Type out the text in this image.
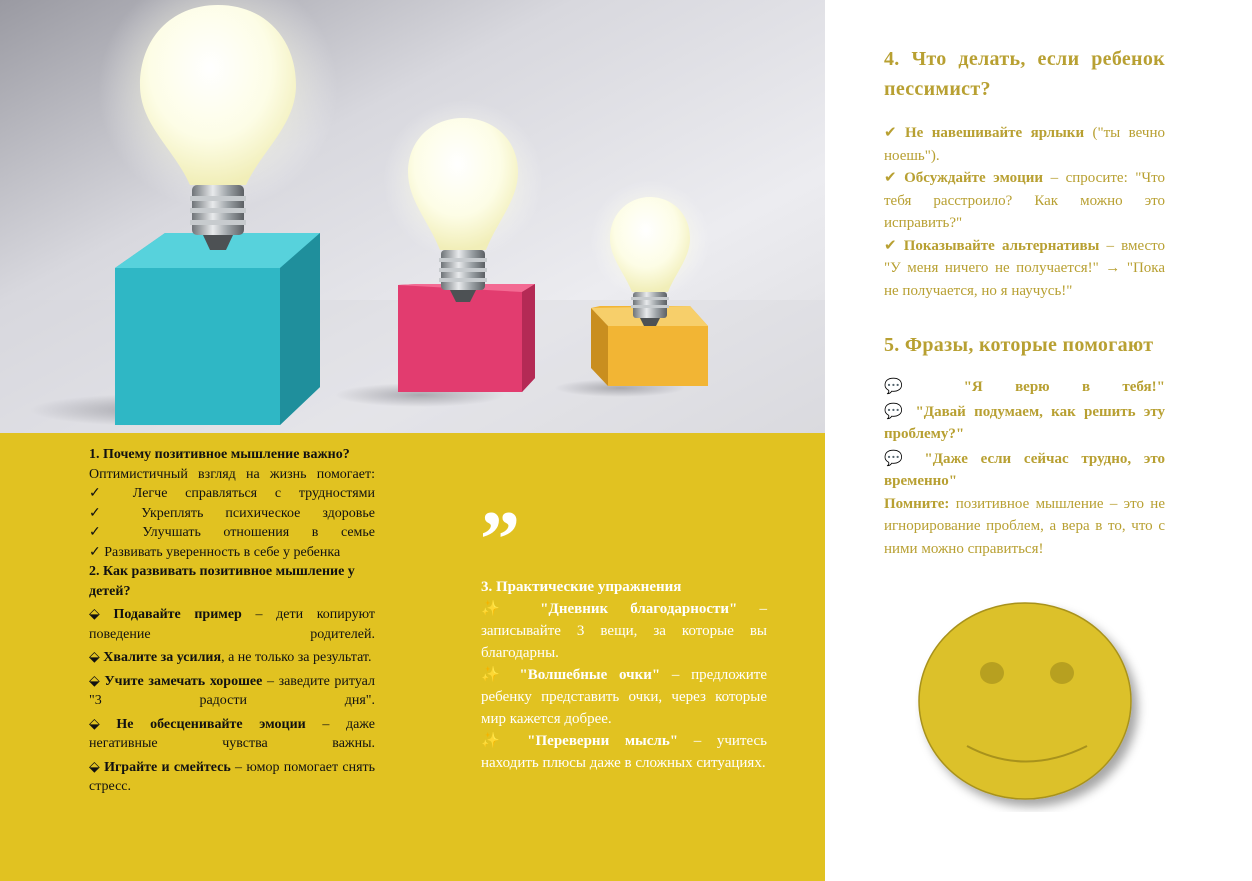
1. Почему позитивное мышление важно?

Оптимистичный взгляд на жизнь помогает:

✓ Легче справляться с трудностями

✓ Укреплять психическое здоровье

✓ Улучшать отношения в семье

✓ Развивать уверенность в себе у ребенка

2. Как развивать позитивное мышление у детей?

⬙ Подавайте пример – дети копируют поведение родителей.

⬙ Хвалите за усилия, а не только за результат.

⬙ Учите замечать хорошее – заведите ритуал "3 радости дня".

⬙ Не обесценивайте эмоции – даже негативные чувства важны.

⬙ Играйте и смейтесь – юмор помогает снять стресс.

”

3. Практические упражнения

✨ "Дневник благодарности" – записывайте 3 вещи, за которые вы благодарны.

✨ "Волшебные очки" – предложите ребенку представить очки, через которые мир кажется добрее.

✨ "Переверни мысль" – учитесь находить плюсы даже в сложных ситуациях.

4. Что делать, если ребенок пессимист?

✔ Не навешивайте ярлыки ("ты вечно ноешь").

✔ Обсуждайте эмоции – спросите: "Что тебя расстроило? Как можно это исправить?"

✔ Показывайте альтернативы – вместо "У меня ничего не получается!" → "Пока не получается, но я научусь!"

5. Фразы, которые помогают

💬 "Я верю в тебя!"

💬 "Давай подумаем, как решить эту проблему?"

💬 "Даже если сейчас трудно, это временно"

Помните: позитивное мышление – это не игнорирование проблем, а вера в то, что с ними можно справиться!
